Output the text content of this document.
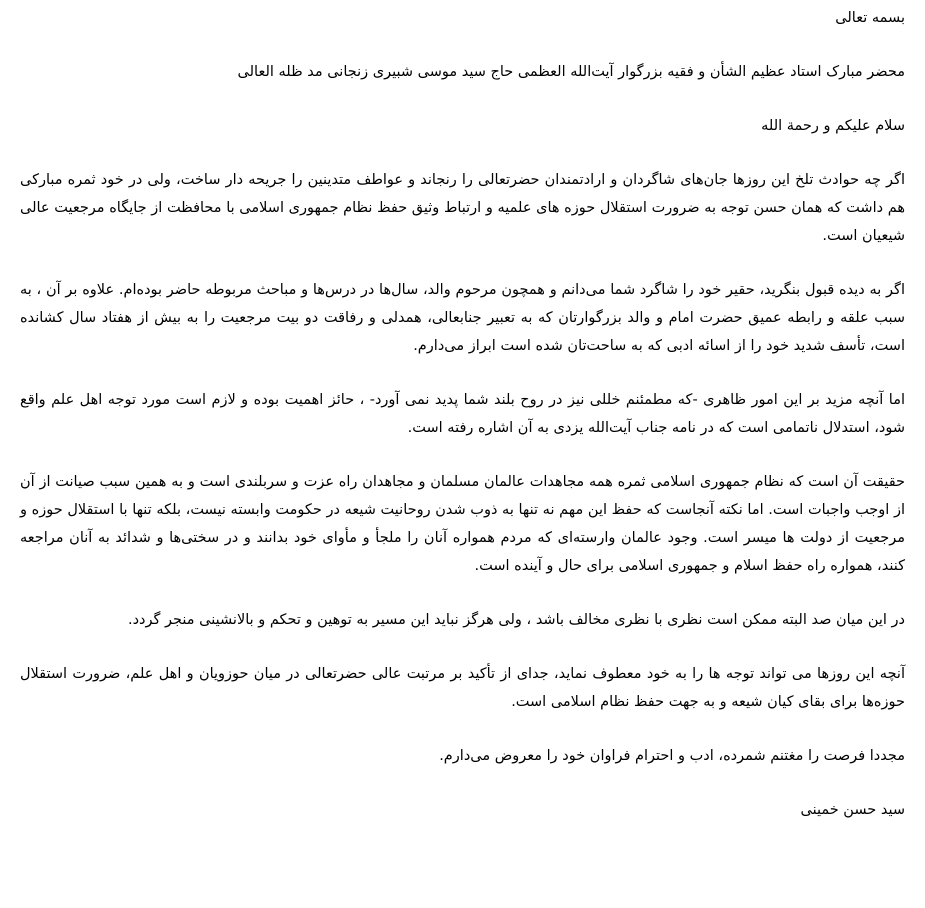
بسمه تعالی

محضر مبارک استاد عظیم الشأن و فقیه بزرگوار آیت‌الله العظمی حاج سید موسی شبیری زنجانی مد ظله العالی

سلام علیکم و رحمة الله

اگر چه حوادث تلخ این روزها جان‌های شاگردان و ارادتمندان حضرتعالی را رنجاند و عواطف متدینین را جریحه دار ساخت، ولی در خود ثمره مبارکی هم داشت که همان حسن توجه به ضرورت استقلال حوزه های علمیه و ارتباط وثیق حفظ نظام جمهوری اسلامی با محافظت از جایگاه مرجعیت عالی شیعیان است.

اگر به دیده قبول بنگرید، حقیر خود را شاگرد شما می‌دانم و همچون مرحوم والد، سال‌ها در درس‌ها و مباحث مربوطه حاضر بوده‌ام. علاوه بر آن ، به سبب علقه و رابطه عمیق حضرت امام و والد بزرگوارتان که به تعبیر جنابعالی، همدلی و رفاقت دو بیت مرجعیت را به بیش از هفتاد سال کشانده است، تأسف شدید خود را از اسائه ادبی که به ساحت‌تان شده است ابراز می‌دارم.

اما آنچه مزید بر این امور ظاهری -که مطمئنم خللی نیز در روح بلند شما پدید نمی آورد- ، حائز اهمیت بوده و لازم است مورد توجه اهل علم واقع شود، استدلال ناتمامی است که در نامه جناب آیت‌الله یزدی به آن اشاره رفته است.

حقیقت آن است که نظام جمهوری اسلامی ثمره همه مجاهدات عالمان مسلمان و مجاهدان راه عزت و سربلندی است و به همین سبب صیانت از آن از اوجب واجبات است. اما نکته آنجاست که حفظ این مهم نه تنها به ذوب شدن روحانیت شیعه در حکومت وابسته نیست، بلکه تنها با استقلال حوزه و مرجعیت از دولت ها میسر است. وجود عالمان وارسته‌ای که مردم همواره آنان را ملجأ و مأوای خود بدانند و در سختی‌ها و شدائد به آنان مراجعه کنند، همواره راه حفظ اسلام و جمهوری اسلامی برای حال و آینده است.

در این میان صد البته ممکن است نظری با نظری مخالف باشد ، ولی هرگز نباید این مسیر به توهین و تحکم و بالانشینی منجر گردد.

آنچه این روزها می تواند توجه ها را به خود معطوف نماید، جدای از تأکید بر مرتبت عالی حضرتعالی در میان حوزویان و اهل علم، ضرورت استقلال حوزه‌ها برای بقای کیان شیعه و به جهت حفظ نظام اسلامی است.

مجددا فرصت را مغتنم شمرده، ادب و احترام فراوان خود را معروض می‌دارم.

سید حسن خمینی
